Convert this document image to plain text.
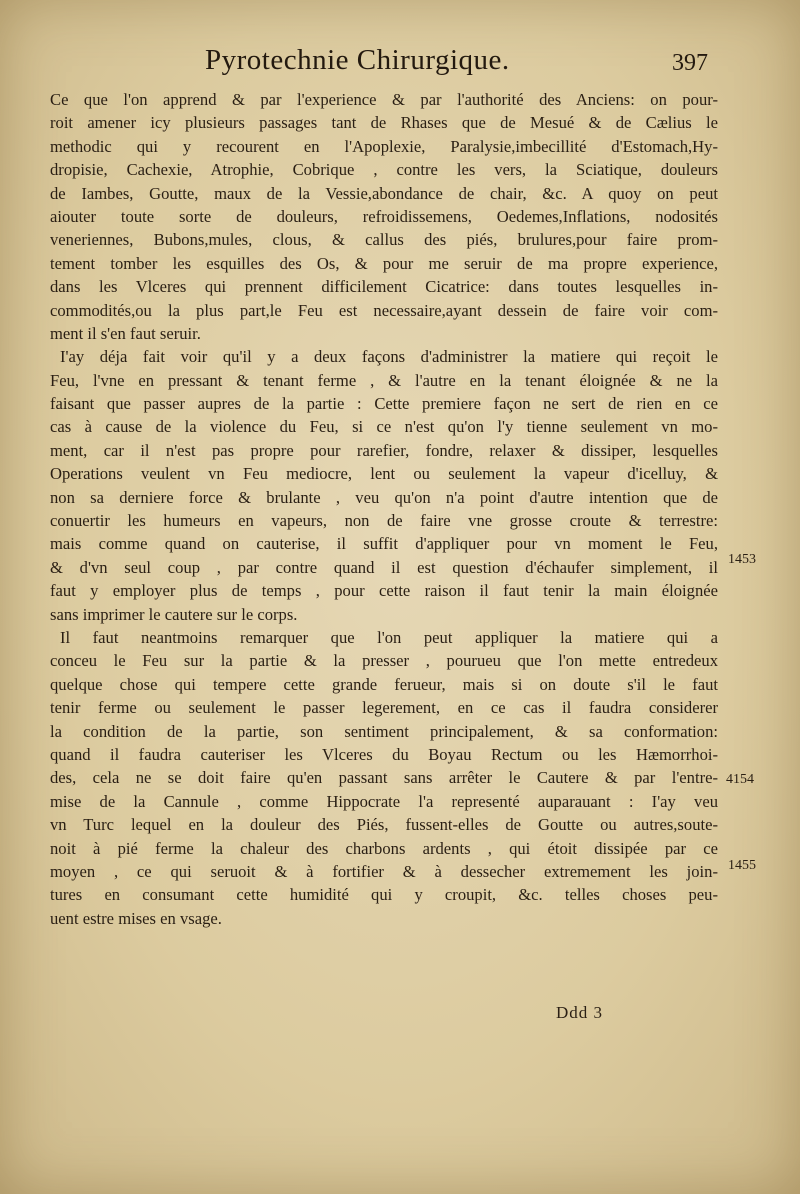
Pyrotechnie Chirurgique.	397
Ce que l'on apprend & par l'experience & par l'authorité des Anciens: on pour-
roit amener icy plusieurs passages tant de Rhases que de Mesué & de Cælius le
methodic qui y recourent en l'Apoplexie, Paralysie,imbecillité d'Estomach,Hy-
dropisie, Cachexie, Atrophie, Cobrique , contre les vers, la Sciatique, douleurs
de Iambes, Goutte, maux de la Vessie,abondance de chair, &c. A quoy on peut
aiouter toute sorte de douleurs, refroidissemens, Oedemes,Inflations, nodosités
veneriennes, Bubons,mules, clous, & callus des piés, brulures,pour faire prom-
tement tomber les esquilles des Os, & pour me seruir de ma propre experience,
dans les Vlceres qui prennent difficilement Cicatrice: dans toutes lesquelles in-
commodités,ou la plus part,le Feu est necessaire,ayant dessein de faire voir com-
ment il s'en faut seruir.
I'ay déja fait voir qu'il y a deux façons d'administrer la matiere qui reçoit le
Feu, l'vne en pressant & tenant ferme , & l'autre en la tenant éloignée & ne la
faisant que passer aupres de la partie : Cette premiere façon ne sert de rien en ce
cas à cause de la violence du Feu, si ce n'est qu'on l'y tienne seulement vn mo-
ment, car il n'est pas propre pour rarefier, fondre, relaxer & dissiper, lesquelles
Operations veulent vn Feu mediocre, lent ou seulement la vapeur d'icelluy, &
non sa derniere force & brulante , veu qu'on n'a point d'autre intention que de
conuertir les humeurs en vapeurs, non de faire vne grosse croute & terrestre:
mais comme quand on cauterise, il suffit d'appliquer pour vn moment le Feu,
& d'vn seul coup , par contre quand il est question d'échaufer simplement, il
faut y employer plus de temps , pour cette raison il faut tenir la main éloignée
sans imprimer le cautere sur le corps.
Il faut neantmoins remarquer que l'on peut appliquer la matiere qui a
conceu le Feu sur la partie & la presser , pourueu que l'on mette entredeux
quelque chose qui tempere cette grande ferueur, mais si on doute s'il le faut
tenir ferme ou seulement le passer legerement, en ce cas il faudra considerer
la condition de la partie, son sentiment principalement, & sa conformation:
quand il faudra cauteriser les Vlceres du Boyau Rectum ou les Hæmorrhoi-
des, cela ne se doit faire qu'en passant sans arrêter le Cautere & par l'entre-
mise de la Cannule , comme Hippocrate l'a representé auparauant : I'ay veu
vn Turc lequel en la douleur des Piés, fussent-elles de Goutte ou autres,soute-
noit à pié ferme la chaleur des charbons ardents , qui étoit dissipée par ce
moyen , ce qui seruoit & à fortifier & à dessecher extremement les join-
tures en consumant cette humidité qui y croupit, &c. telles choses peu-
uent estre mises en vsage.
1453
4154
1455
Ddd 3
